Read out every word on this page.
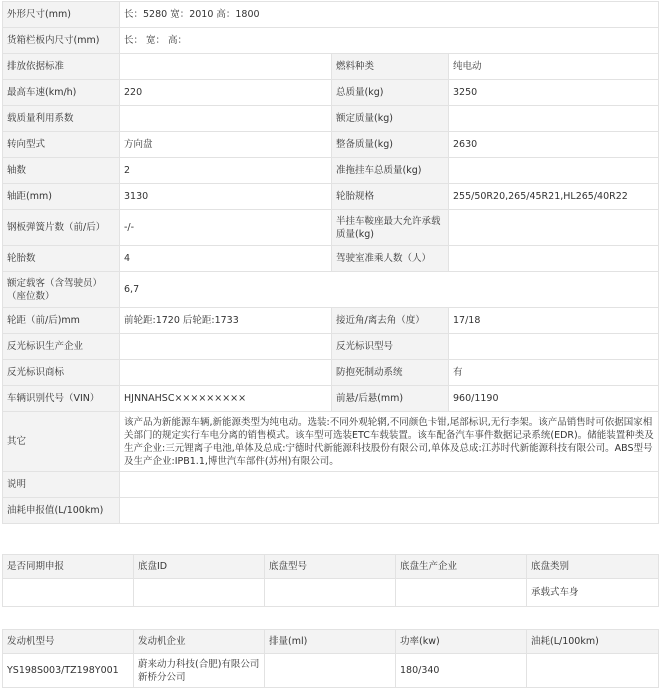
外形尺寸(mm)	长：5280 宽：2010 高：1800		
货箱栏板内尺寸(mm)	长： 宽： 高：		
排放依据标准		燃料种类	纯电动
最高车速(km/h)	220	总质量(kg)	3250
载质量利用系数		额定质量(kg)	
转向型式	方向盘	整备质量(kg)	2630
轴数	2	准拖挂车总质量(kg)	
轴距(mm)	3130	轮胎规格	255/50R20,265/45R21,HL265/40R22
钢板弹簧片数（前/后）	-/-	半挂车鞍座最大允许承载质量(kg)	
轮胎数	4	驾驶室准乘人数（人）	
额定载客（含驾驶员）（座位数）	6,7		
轮距（前/后)mm	前轮距:1720 后轮距:1733	接近角/离去角（度）	17/18
反光标识生产企业		反光标识型号	
反光标识商标		防抱死制动系统	有
车辆识别代号（VIN）	HJNNAHSC×××××××××	前悬/后悬(mm)	960/1190
其它	该产品为新能源车辆,新能源类型为纯电动。选装:不同外观轮辋,不同颜色卡钳,尾部标识,无行李架。该产品销售时可依据国家相关部门的规定实行车电分离的销售模式。该车型可选装ETC车载装置。该车配备汽车事件数据记录系统(EDR)。储能装置种类及生产企业:三元锂离子电池,单体及总成:宁德时代新能源科技股份有限公司,单体及总成:江苏时代新能源科技有限公司。ABS型号及生产企业:IPB1.1,博世汽车部件(苏州)有限公司。		
说明			
油耗申报值(L/100km)			
是否同期申报	底盘ID	底盘型号	底盘生产企业	底盘类别
				承载式车身
发动机型号	发动机企业	排量(ml)	功率(kw)	油耗(L/100km)
YS198S003/TZ198Y001	蔚来动力科技(合肥)有限公司新桥分公司		180/340	
